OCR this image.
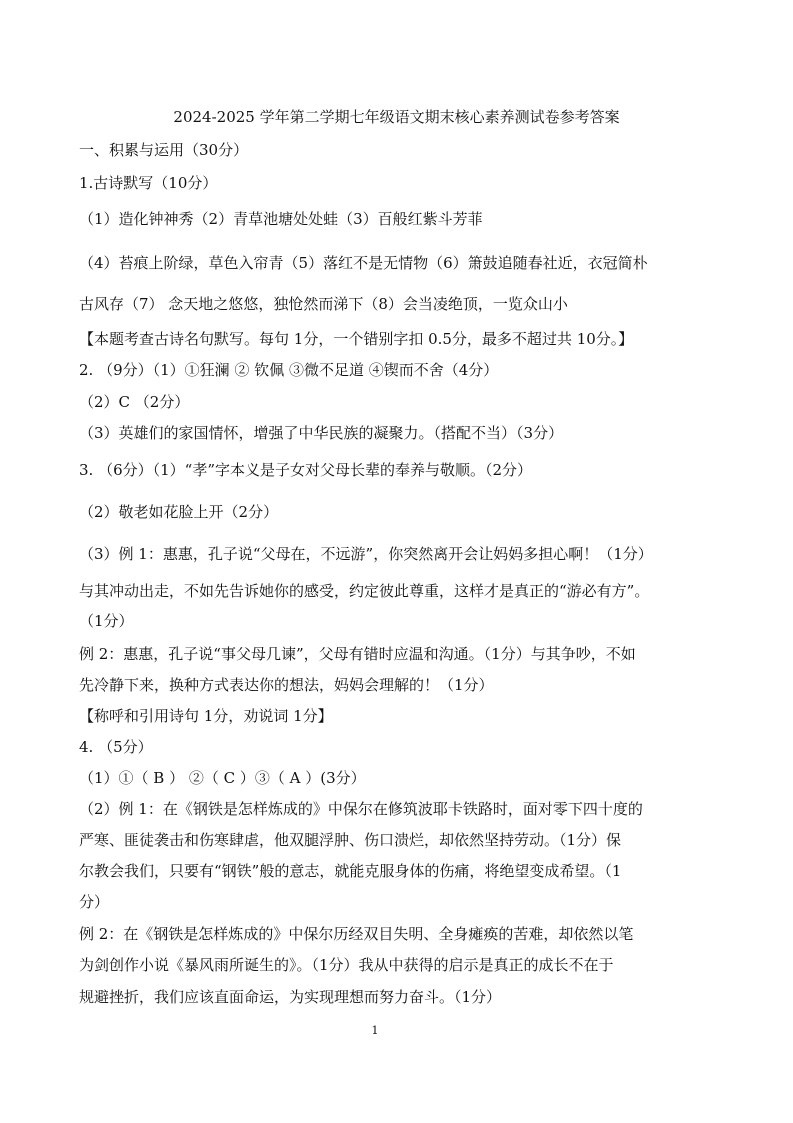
2024-2025 学年第二学期七年级语文期末核心素养测试卷参考答案
一、积累与运用（30分）
1.古诗默写（10分）
（1）造化钟神秀（2）青草池塘处处蛙（3）百般红紫斗芳菲
（4）苔痕上阶绿，草色入帘青（5）落红不是无情物（6）箫鼓追随春社近，衣冠简朴
古风存（7） 念天地之悠悠，独怆然而涕下（8）会当凌绝顶，一览众山小
【本题考查古诗名句默写。每句 1分，一个错别字扣 0.5分，最多不超过共 10分。】
2. （9分）（1）①狂澜 ② 钦佩 ③微不足道 ④锲而不舍（4分）
（2）C （2分）
（3）英雄们的家国情怀，增强了中华民族的凝聚力。（搭配不当）（3分）
3. （6分）（1）“孝”字本义是子女对父母长辈的奉养与敬顺。（2分）
（2）敬老如花脸上开（2分）
（3）例 1：惠惠，孔子说“父母在，不远游”，你突然离开会让妈妈多担心啊！（1分）
与其冲动出走，不如先告诉她你的感受，约定彼此尊重，这样才是真正的“游必有方”。
（1分）
例 2：惠惠，孔子说“事父母几谏”，父母有错时应温和沟通。（1分）与其争吵，不如
先冷静下来，换种方式表达你的想法，妈妈会理解的！（1分）
【称呼和引用诗句 1分，劝说词 1分】
4. （5分）
（1）①（ B ） ②（ C ）③（ A ）(3分）
（2）例 1：在《钢铁是怎样炼成的》中保尔在修筑波耶卡铁路时，面对零下四十度的
严寒、匪徒袭击和伤寒肆虐，他双腿浮肿、伤口溃烂，却依然坚持劳动。（1分）保
尔教会我们，只要有“钢铁”般的意志，就能克服身体的伤痛，将绝望变成希望。（1
分）
例 2：在《钢铁是怎样炼成的》中保尔历经双目失明、全身瘫痪的苦难，却依然以笔
为剑创作小说《暴风雨所诞生的》。（1分）我从中获得的启示是真正的成长不在于
规避挫折，我们应该直面命运，为实现理想而努力奋斗。（1分）
1
